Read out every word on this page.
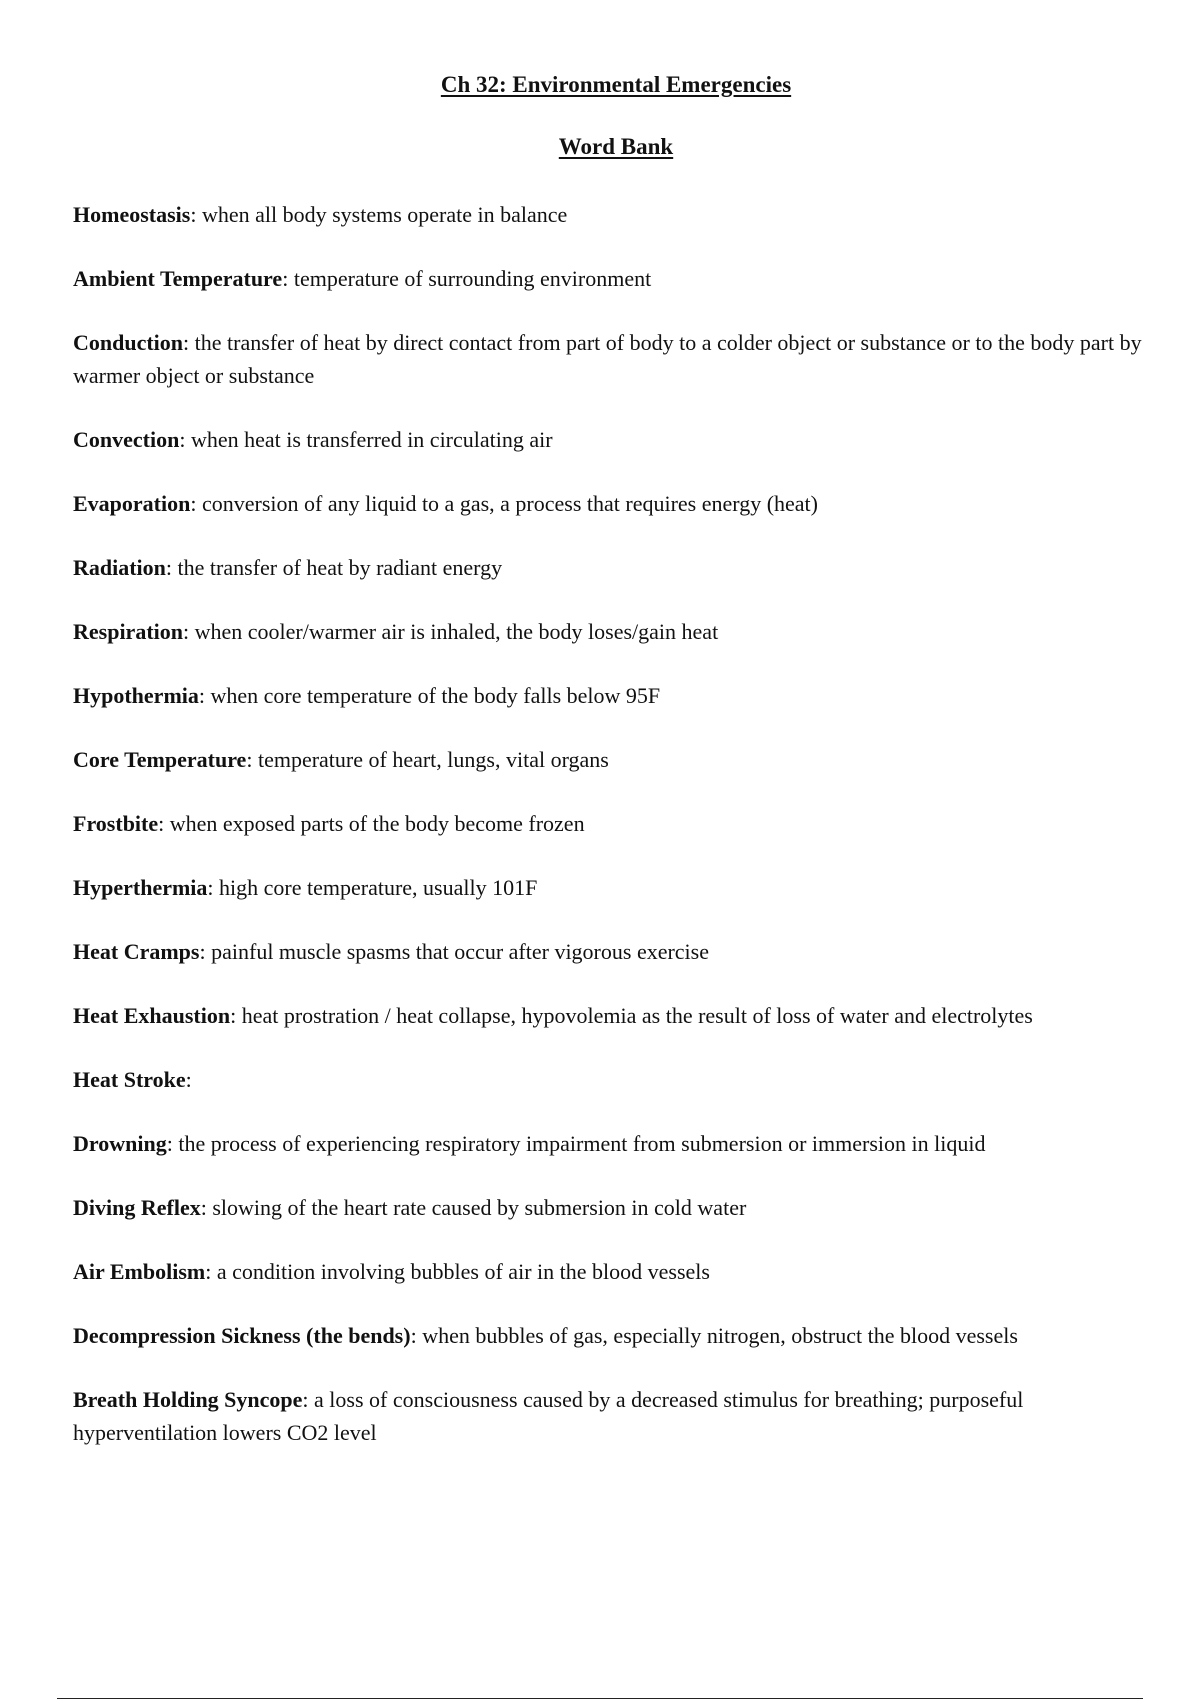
Ch 32: Environmental Emergencies
Word Bank

Homeostasis: when all body systems operate in balance

Ambient Temperature: temperature of surrounding environment

Conduction: the transfer of heat by direct contact from part of body to a colder object or substance or to the body part by warmer object or substance

Convection: when heat is transferred in circulating air

Evaporation: conversion of any liquid to a gas, a process that requires energy (heat)

Radiation: the transfer of heat by radiant energy

Respiration: when cooler/warmer air is inhaled, the body loses/gain heat

Hypothermia: when core temperature of the body falls below 95F

Core Temperature: temperature of heart, lungs, vital organs

Frostbite: when exposed parts of the body become frozen

Hyperthermia: high core temperature, usually 101F

Heat Cramps: painful muscle spasms that occur after vigorous exercise

Heat Exhaustion: heat prostration / heat collapse, hypovolemia as the result of loss of water and electrolytes

Heat Stroke:

Drowning: the process of experiencing respiratory impairment from submersion or immersion in liquid

Diving Reflex: slowing of the heart rate caused by submersion in cold water

Air Embolism: a condition involving bubbles of air in the blood vessels

Decompression Sickness (the bends): when bubbles of gas, especially nitrogen, obstruct the blood vessels

Breath Holding Syncope: a loss of consciousness caused by a decreased stimulus for breathing; purposeful hyperventilation lowers CO2 level
